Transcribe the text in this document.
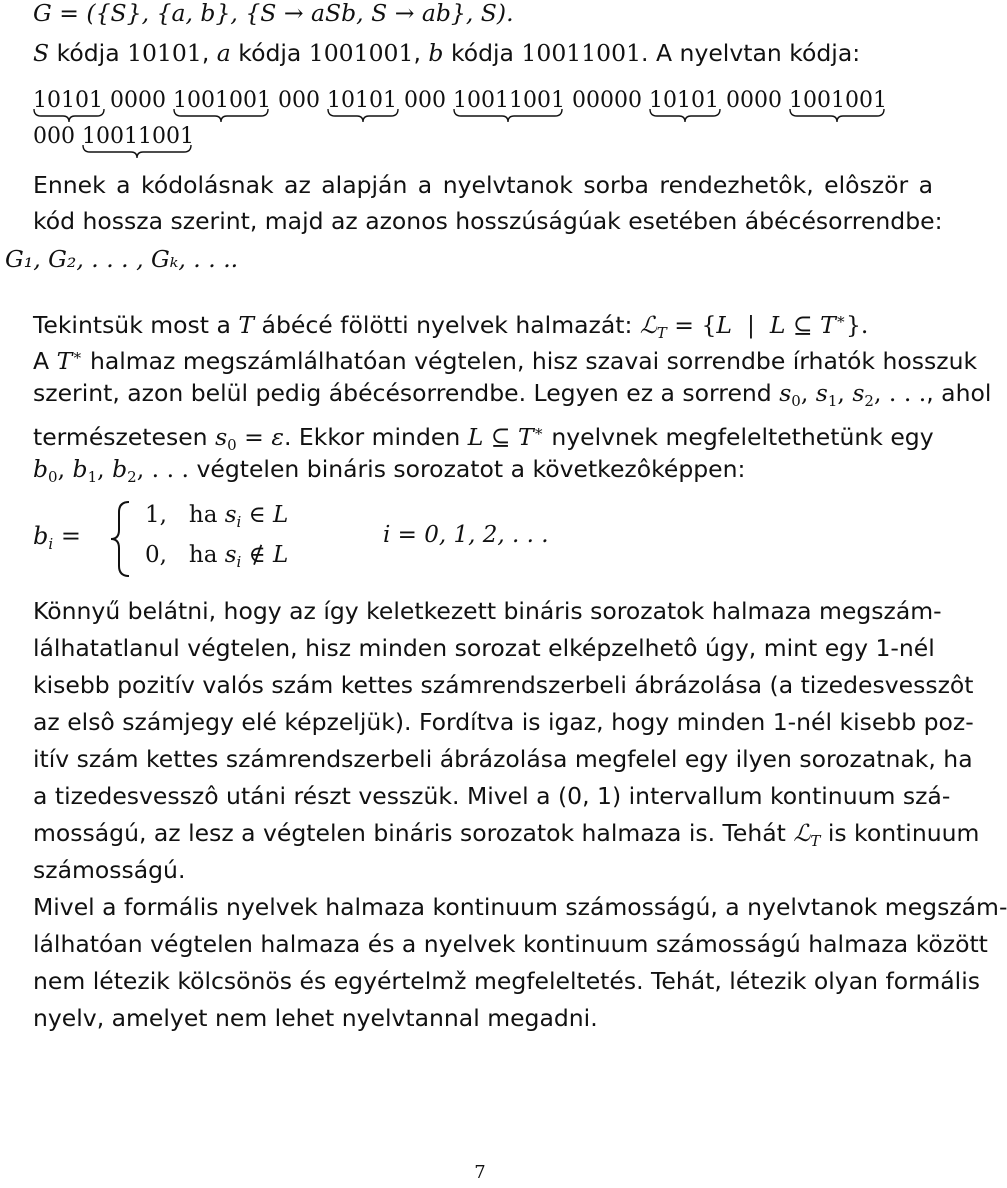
G = ({S}, {a, b}, {S → aSb, S → ab}, S).
S kódja 10101, a kódja 1001001, b kódja 10011001. A nyelvtan kódja:
10101 0000 1001001 000 10101 000 10011001 00000 10101 0000 1001001
000 10011001
Ennek a kódolásnak az alapján a nyelvtanok sorba rendezhetôk, elôször a
kód hossza szerint, majd az azonos hosszúságúak esetében ábécésorrendbe:
G₁, G₂, . . . , Gₖ, . . ..
Tekintsük most a T ábécé fölötti nyelvek halmazát: ℒ$_T$ = {L  |  L ⊆ T∗}.
A T∗ halmaz megszámlálhatóan végtelen, hisz szavai sorrendbe írhatók hosszuk
szerint, azon belül pedig ábécésorrendbe. Legyen ez a sorrend $s_0$, $s_1$, $s_2$, . . ., ahol
természetesen $s_0 = \varepsilon$. Ekkor minden L ⊆ T∗ nyelvnek megfeleltethetünk egy
$b_0$, $b_1$, $b_2$, . . . végtelen bináris sorozatot a következôképpen:
$b_i$ =
1, ha $s_i$ ∈ L
0, ha $s_i$ ∉ L
i = 0, 1, 2, . . .
Könnyű belátni, hogy az így keletkezett bináris sorozatok halmaza megszám-
lálhatatlanul végtelen, hisz minden sorozat elképzelhetô úgy, mint egy 1-nél
kisebb pozitív valós szám kettes számrendszerbeli ábrázolása (a tizedesvesszôt
az elsô számjegy elé képzeljük). Fordítva is igaz, hogy minden 1-nél kisebb poz-
itív szám kettes számrendszerbeli ábrázolása megfelel egy ilyen sorozatnak, ha
a tizedesvesszô utáni részt vesszük. Mivel a (0, 1) intervallum kontinuum szá-
mosságú, az lesz a végtelen bináris sorozatok halmaza is. Tehát ℒ$_T$ is kontinuum
számosságú.
Mivel a formális nyelvek halmaza kontinuum számosságú, a nyelvtanok megszám-
lálhatóan végtelen halmaza és a nyelvek kontinuum számosságú halmaza között
nem létezik kölcsönös és egyértelmž megfeleltetés. Tehát, létezik olyan formális
nyelv, amelyet nem lehet nyelvtannal megadni.
7
